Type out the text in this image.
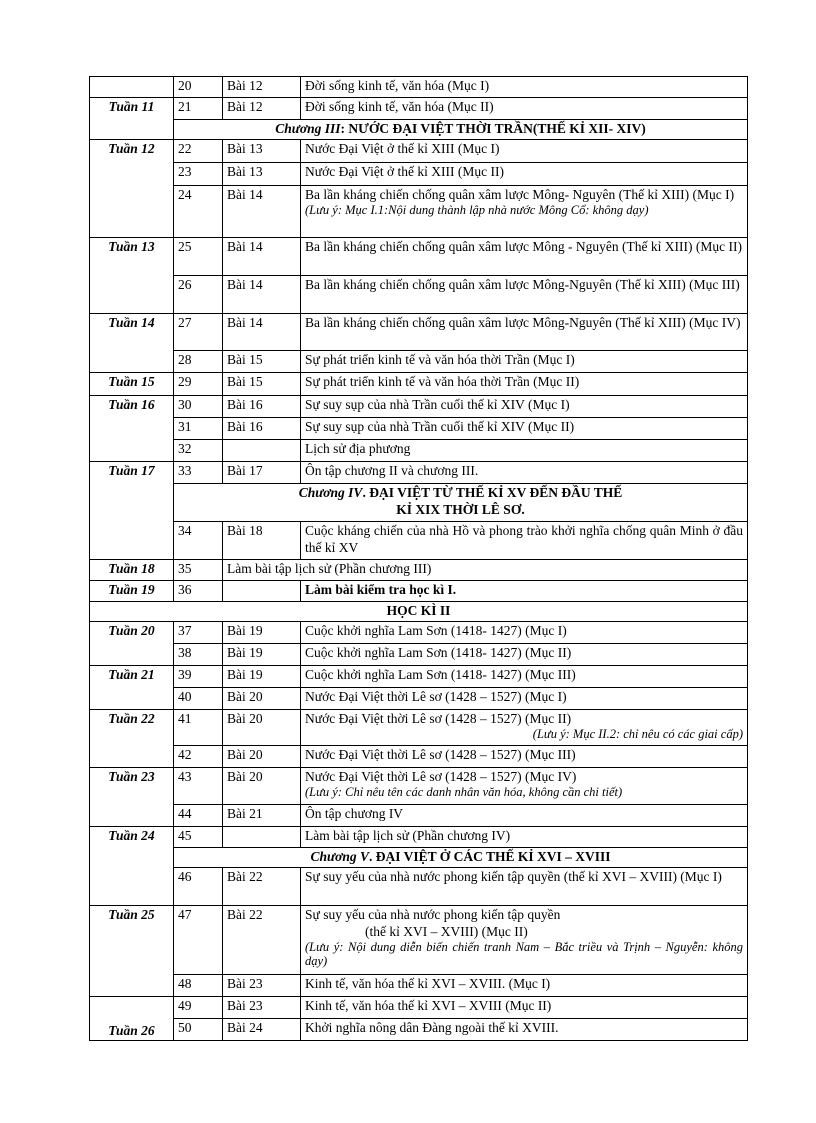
	20	Bài 12	Đời sống kinh tế, văn hóa (Mục I)
Tuần 11	21	Bài 12	Đời sống kinh tế, văn hóa (Mục II)
	Chương III: NƯỚC ĐẠI VIỆT THỜI TRẦN(THẾ KỈ XII- XIV)		
Tuần 12	22	Bài 13	Nước Đại Việt ở thế kỉ XIII (Mục I)
	23	Bài 13	Nước Đại Việt ở thế kỉ XIII (Mục II)
	24	Bài 14	Ba lần kháng chiến chống quân xâm lược Mông- Nguyên (Thế kỉ XIII) (Mục I)
(Lưu ý: Mục I.1:Nội dung thành lập nhà nước Mông Cổ: không dạy)

Tuần 13	25	Bài 14	Ba lần kháng chiến chống quân xâm lược Mông - Nguyên (Thế kỉ XIII) (Mục II)
	26	Bài 14	Ba lần kháng chiến chống quân xâm lược Mông-Nguyên (Thế kỉ XIII) (Mục III)
Tuần 14	27	Bài 14	Ba lần kháng chiến chống quân xâm lược Mông-Nguyên (Thế kỉ XIII) (Mục IV)
	28	Bài 15	Sự phát triển kinh tế và văn hóa thời Trần (Mục I)
Tuần 15	29	Bài 15	Sự phát triển kinh tế và văn hóa thời Trần (Mục II)
Tuần 16	30	Bài 16	Sự suy sụp của nhà Trần cuối thế kỉ XIV (Mục I)
	31	Bài 16	Sự suy sụp của nhà Trần cuối thế kỉ XIV (Mục II)
	32		Lịch sử địa phương
Tuần 17	33	Bài 17	Ôn tập chương II và chương III.
	Chương IV. ĐẠI VIỆT TỪ THẾ KỈ XV ĐẾN ĐẦU THẾ
KỈ XIX THỜI LÊ SƠ.		
	34	Bài 18	Cuộc kháng chiến của nhà Hồ và phong trào khởi nghĩa chống quân Minh ở đầu thế kỉ XV
Tuần 18	35	Làm bài tập lịch sử (Phần chương III)	
Tuần 19	36		Làm bài kiểm tra học kì I.
HỌC KÌ II			
Tuần 20	37	Bài 19	Cuộc khởi nghĩa Lam Sơn (1418- 1427) (Mục I)
	38	Bài 19	Cuộc khởi nghĩa Lam Sơn (1418- 1427) (Mục II)
Tuần 21	39	Bài 19	Cuộc khởi nghĩa Lam Sơn (1418- 1427) (Mục III)
	40	Bài 20	Nước Đại Việt thời Lê sơ (1428 – 1527) (Mục I)
Tuần 22	41	Bài 20	Nước Đại Việt thời Lê sơ (1428 – 1527) (Mục II)
(Lưu ý: Mục II.2: chỉ nêu có các giai cấp)

	42	Bài 20	Nước Đại Việt thời Lê sơ (1428 – 1527) (Mục III)
Tuần 23	43	Bài 20	Nước Đại Việt thời Lê sơ (1428 – 1527) (Mục IV)
(Lưu ý: Chỉ nêu tên các danh nhân văn hóa, không cần chi tiết)

	44	Bài 21	Ôn tập chương IV
Tuần 24	45		Làm bài tập lịch sử (Phần chương IV)
	Chương V. ĐẠI VIỆT Ở CÁC THẾ KỈ XVI – XVIII		
	46	Bài 22	Sự suy yếu của nhà nước phong kiến tập quyền (thế kỉ XVI – XVIII) (Mục I)
Tuần 25	47	Bài 22	Sự suy yếu của nhà nước phong kiến tập quyền
(thế kỉ XVI – XVIII) (Mục II)
(Lưu ý: Nội dung diễn biến chiến tranh Nam – Bắc triều và Trịnh – Nguyễn: không dạy)

	48	Bài 23	Kinh tế, văn hóa thế kỉ XVI – XVIII. (Mục I)
Tuần 26	49	Bài 23	Kinh tế, văn hóa thế kỉ XVI – XVIII (Mục II)
	50	Bài 24	Khởi nghĩa nông dân Đàng ngoài thế kỉ XVIII.
